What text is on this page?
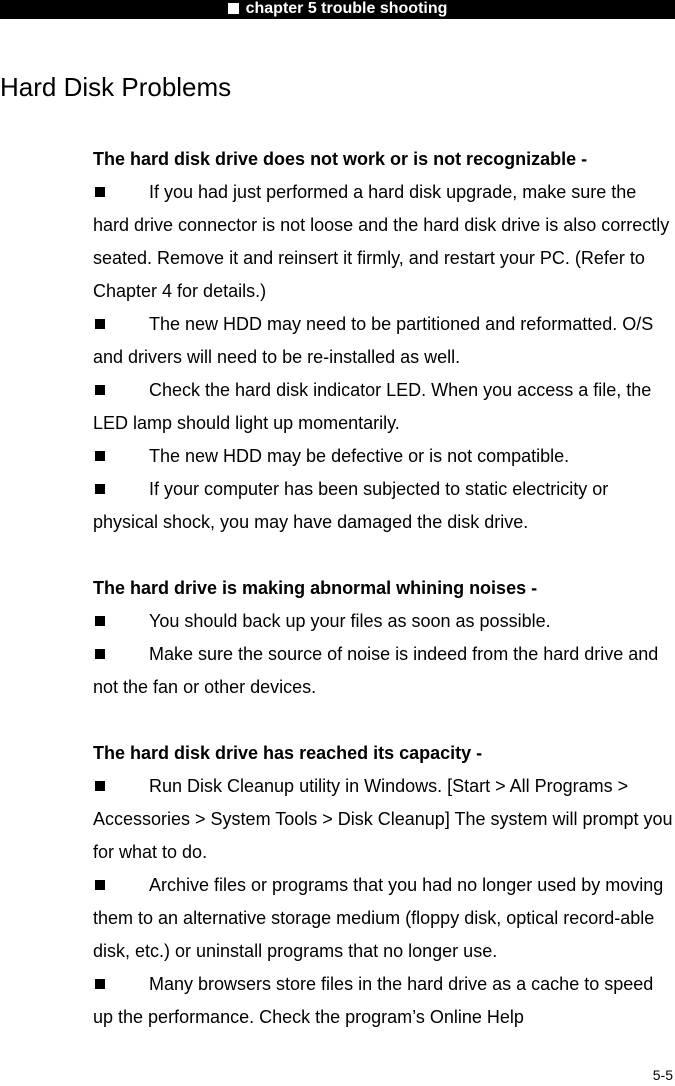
chapter 5 trouble shooting
Hard Disk Problems

The hard disk drive does not work or is not recognizable -

If you had just performed a hard disk upgrade, make sure the hard drive connector is not loose and the hard disk drive is also correctly seated. Remove it and reinsert it firmly, and restart your PC. (Refer to Chapter 4 for details.)

The new HDD may need to be partitioned and reformatted. O/S and drivers will need to be re-installed as well.

Check the hard disk indicator LED. When you access a file, the LED lamp should light up momentarily.

The new HDD may be defective or is not compatible.

If your computer has been subjected to static electricity or physical shock, you may have damaged the disk drive.

The hard drive is making abnormal whining noises -

You should back up your files as soon as possible.

Make sure the source of noise is indeed from the hard drive and not the fan or other devices.

The hard disk drive has reached its capacity -

Run Disk Cleanup utility in Windows. [Start > All Programs > Accessories > System Tools > Disk Cleanup] The system will prompt you for what to do.

Archive files or programs that you had no longer used by moving them to an alternative storage medium (floppy disk, optical record-able disk, etc.) or uninstall programs that no longer use.

Many browsers store files in the hard drive as a cache to speed up the performance. Check the program’s Online Help

5-5
